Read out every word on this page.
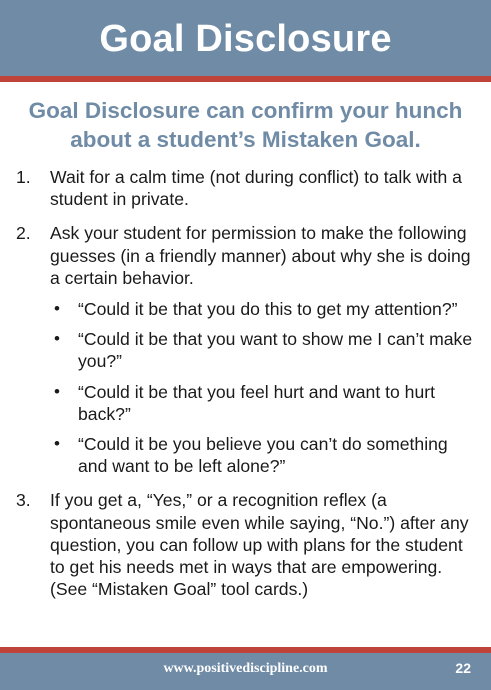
Goal Disclosure
Goal Disclosure can confirm your hunch about a student’s Mistaken Goal.
1. Wait for a calm time (not during conflict) to talk with a student in private.
2. Ask your student for permission to make the following guesses (in a friendly manner) about why she is doing a certain behavior.
• “Could it be that you do this to get my attention?”
• “Could it be that you want to show me I can’t make you?”
• “Could it be that you feel hurt and want to hurt back?”
• “Could it be you believe you can’t do something and want to be left alone?”
3. If you get a, “Yes,” or a recognition reflex (a spontaneous smile even while saying, “No.”) after any question, you can follow up with plans for the student to get his needs met in ways that are empowering. (See “Mistaken Goal” tool cards.)
www.positivediscipline.com	22
